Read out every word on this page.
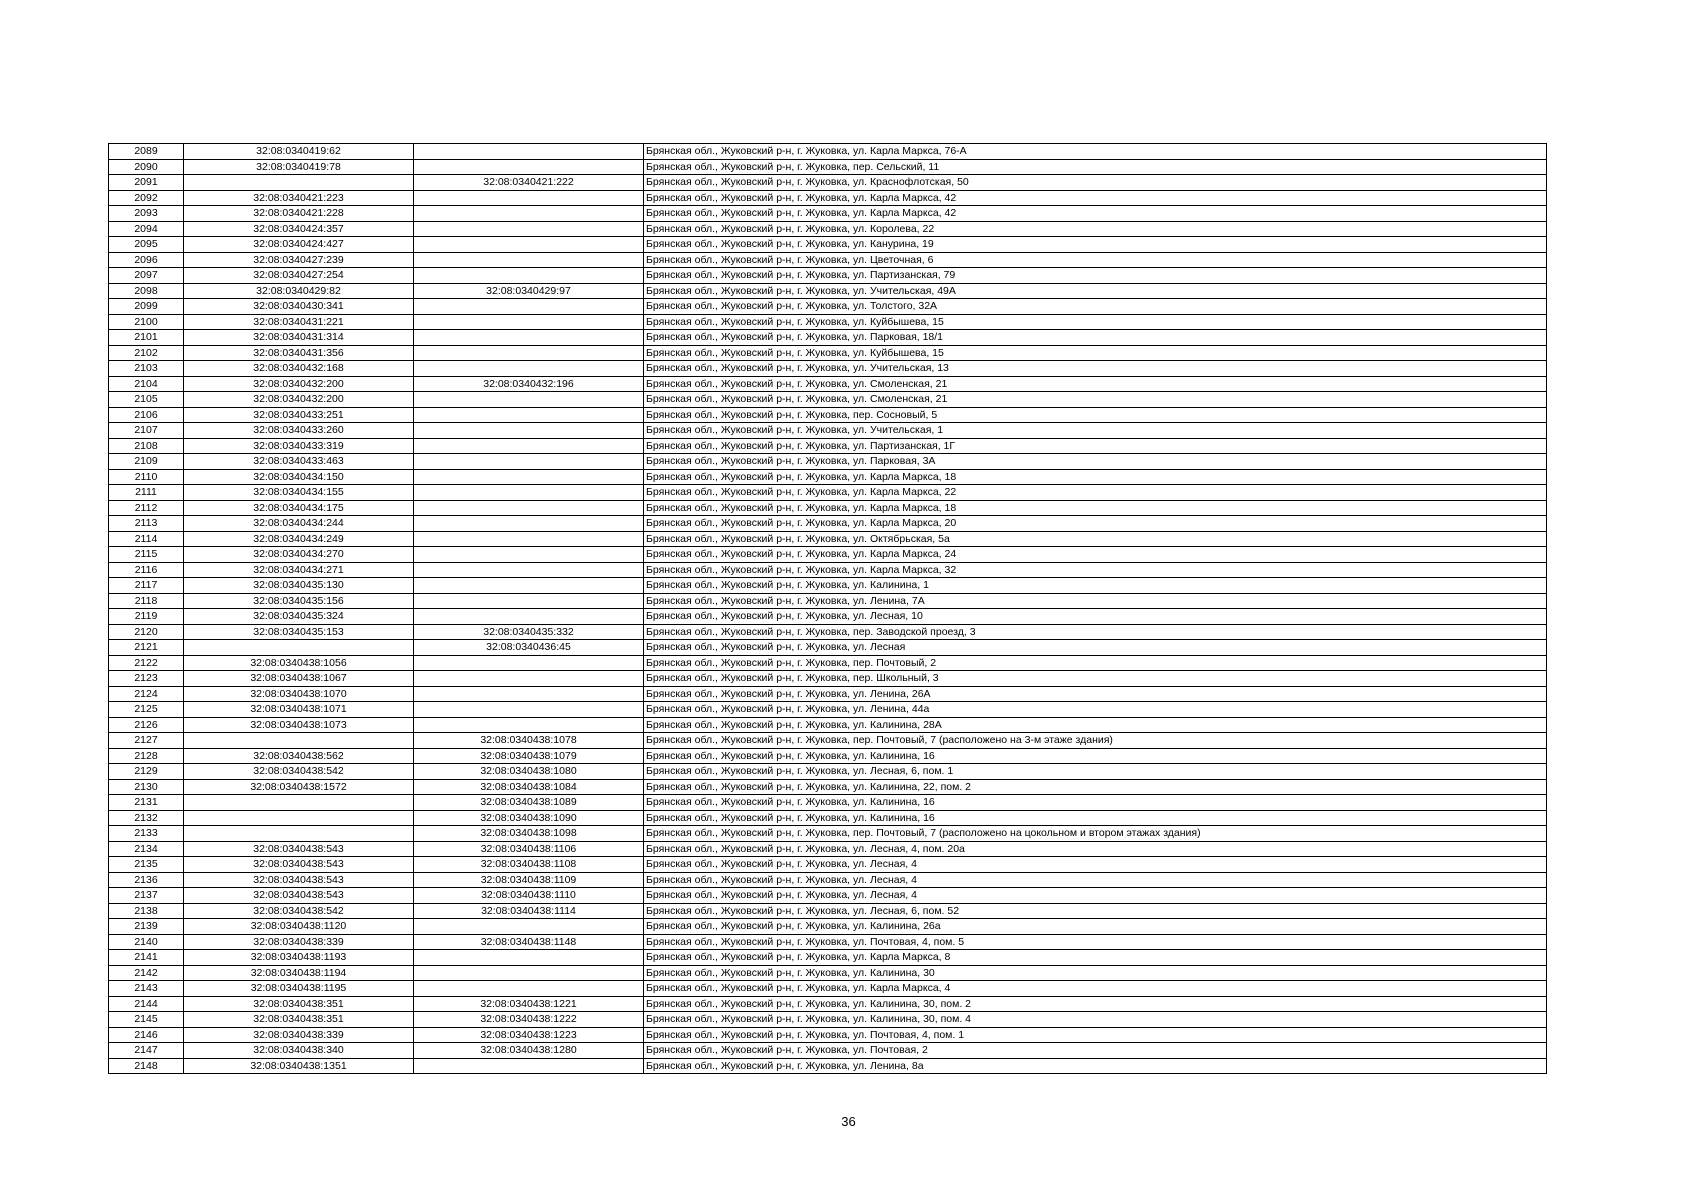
2089	32:08:0340419:62		Брянская обл., Жуковский р-н, г. Жуковка, ул. Карла Маркса, 76-А
2090	32:08:0340419:78		Брянская обл., Жуковский р-н, г. Жуковка, пер. Сельский, 11
2091		32:08:0340421:222	Брянская обл., Жуковский р-н, г. Жуковка, ул. Краснофлотская, 50
2092	32:08:0340421:223		Брянская обл., Жуковский р-н, г. Жуковка, ул. Карла Маркса, 42
2093	32:08:0340421:228		Брянская обл., Жуковский р-н, г. Жуковка, ул. Карла Маркса, 42
2094	32:08:0340424:357		Брянская обл., Жуковский р-н, г. Жуковка, ул. Королева, 22
2095	32:08:0340424:427		Брянская обл., Жуковский р-н, г. Жуковка, ул. Канурина, 19
2096	32:08:0340427:239		Брянская обл., Жуковский р-н, г. Жуковка, ул. Цветочная, 6
2097	32:08:0340427:254		Брянская обл., Жуковский р-н, г. Жуковка, ул. Партизанская, 79
2098	32:08:0340429:82	32:08:0340429:97	Брянская обл., Жуковский р-н, г. Жуковка, ул. Учительская, 49А
2099	32:08:0340430:341		Брянская обл., Жуковский р-н, г. Жуковка, ул. Толстого, 32А
2100	32:08:0340431:221		Брянская обл., Жуковский р-н, г. Жуковка, ул. Куйбышева, 15
2101	32:08:0340431:314		Брянская обл., Жуковский р-н, г. Жуковка, ул. Парковая, 18/1
2102	32:08:0340431:356		Брянская обл., Жуковский р-н, г. Жуковка, ул. Куйбышева, 15
2103	32:08:0340432:168		Брянская обл., Жуковский р-н, г. Жуковка, ул. Учительская, 13
2104	32:08:0340432:200	32:08:0340432:196	Брянская обл., Жуковский р-н, г. Жуковка, ул. Смоленская, 21
2105	32:08:0340432:200		Брянская обл., Жуковский р-н, г. Жуковка, ул. Смоленская, 21
2106	32:08:0340433:251		Брянская обл., Жуковский р-н, г. Жуковка, пер. Сосновый, 5
2107	32:08:0340433:260		Брянская обл., Жуковский р-н, г. Жуковка, ул. Учительская, 1
2108	32:08:0340433:319		Брянская обл., Жуковский р-н, г. Жуковка, ул. Партизанская, 1Г
2109	32:08:0340433:463		Брянская обл., Жуковский р-н, г. Жуковка, ул. Парковая, 3А
2110	32:08:0340434:150		Брянская обл., Жуковский р-н, г. Жуковка, ул. Карла Маркса, 18
2111	32:08:0340434:155		Брянская обл., Жуковский р-н, г. Жуковка, ул. Карла Маркса, 22
2112	32:08:0340434:175		Брянская обл., Жуковский р-н, г. Жуковка, ул. Карла Маркса, 18
2113	32:08:0340434:244		Брянская обл., Жуковский р-н, г. Жуковка, ул. Карла Маркса, 20
2114	32:08:0340434:249		Брянская обл., Жуковский р-н, г. Жуковка, ул. Октябрьская, 5а
2115	32:08:0340434:270		Брянская обл., Жуковский р-н, г. Жуковка, ул. Карла Маркса, 24
2116	32:08:0340434:271		Брянская обл., Жуковский р-н, г. Жуковка, ул. Карла Маркса, 32
2117	32:08:0340435:130		Брянская обл., Жуковский р-н, г. Жуковка, ул. Калинина, 1
2118	32:08:0340435:156		Брянская обл., Жуковский р-н, г. Жуковка, ул. Ленина, 7А
2119	32:08:0340435:324		Брянская обл., Жуковский р-н, г. Жуковка, ул. Лесная, 10
2120	32:08:0340435:153	32:08:0340435:332	Брянская обл., Жуковский р-н, г. Жуковка, пер. Заводской проезд, 3
2121		32:08:0340436:45	Брянская обл., Жуковский р-н, г. Жуковка, ул. Лесная
2122	32:08:0340438:1056		Брянская обл., Жуковский р-н, г. Жуковка, пер. Почтовый, 2
2123	32:08:0340438:1067		Брянская обл., Жуковский р-н, г. Жуковка, пер. Школьный, 3
2124	32:08:0340438:1070		Брянская обл., Жуковский р-н, г. Жуковка, ул. Ленина, 26А
2125	32:08:0340438:1071		Брянская обл., Жуковский р-н, г. Жуковка, ул. Ленина, 44а
2126	32:08:0340438:1073		Брянская обл., Жуковский р-н, г. Жуковка, ул. Калинина, 28А
2127		32:08:0340438:1078	Брянская обл., Жуковский р-н, г. Жуковка, пер. Почтовый, 7 (расположено на 3-м этаже здания)
2128	32:08:0340438:562	32:08:0340438:1079	Брянская обл., Жуковский р-н, г. Жуковка, ул. Калинина, 16
2129	32:08:0340438:542	32:08:0340438:1080	Брянская обл., Жуковский р-н, г. Жуковка, ул. Лесная, 6, пом. 1
2130	32:08:0340438:1572	32:08:0340438:1084	Брянская обл., Жуковский р-н, г. Жуковка, ул. Калинина, 22, пом. 2
2131		32:08:0340438:1089	Брянская обл., Жуковский р-н, г. Жуковка, ул. Калинина, 16
2132		32:08:0340438:1090	Брянская обл., Жуковский р-н, г. Жуковка, ул. Калинина, 16
2133		32:08:0340438:1098	Брянская обл., Жуковский р-н, г. Жуковка, пер. Почтовый, 7 (расположено на цокольном и втором этажах здания)
2134	32:08:0340438:543	32:08:0340438:1106	Брянская обл., Жуковский р-н, г. Жуковка, ул. Лесная, 4, пом. 20а
2135	32:08:0340438:543	32:08:0340438:1108	Брянская обл., Жуковский р-н, г. Жуковка, ул. Лесная, 4
2136	32:08:0340438:543	32:08:0340438:1109	Брянская обл., Жуковский р-н, г. Жуковка, ул. Лесная, 4
2137	32:08:0340438:543	32:08:0340438:1110	Брянская обл., Жуковский р-н, г. Жуковка, ул. Лесная, 4
2138	32:08:0340438:542	32:08:0340438:1114	Брянская обл., Жуковский р-н, г. Жуковка, ул. Лесная, 6, пом. 52
2139	32:08:0340438:1120		Брянская обл., Жуковский р-н, г. Жуковка, ул. Калинина, 26а
2140	32:08:0340438:339	32:08:0340438:1148	Брянская обл., Жуковский р-н, г. Жуковка, ул. Почтовая, 4, пом. 5
2141	32:08:0340438:1193		Брянская обл., Жуковский р-н, г. Жуковка, ул. Карла Маркса, 8
2142	32:08:0340438:1194		Брянская обл., Жуковский р-н, г. Жуковка, ул. Калинина, 30
2143	32:08:0340438:1195		Брянская обл., Жуковский р-н, г. Жуковка, ул. Карла Маркса, 4
2144	32:08:0340438:351	32:08:0340438:1221	Брянская обл., Жуковский р-н, г. Жуковка, ул. Калинина, 30, пом. 2
2145	32:08:0340438:351	32:08:0340438:1222	Брянская обл., Жуковский р-н, г. Жуковка, ул. Калинина, 30, пом. 4
2146	32:08:0340438:339	32:08:0340438:1223	Брянская обл., Жуковский р-н, г. Жуковка, ул. Почтовая, 4, пом. 1
2147	32:08:0340438:340	32:08:0340438:1280	Брянская обл., Жуковский р-н, г. Жуковка, ул. Почтовая, 2
2148	32:08:0340438:1351		Брянская обл., Жуковский р-н, г. Жуковка, ул. Ленина, 8а
36
